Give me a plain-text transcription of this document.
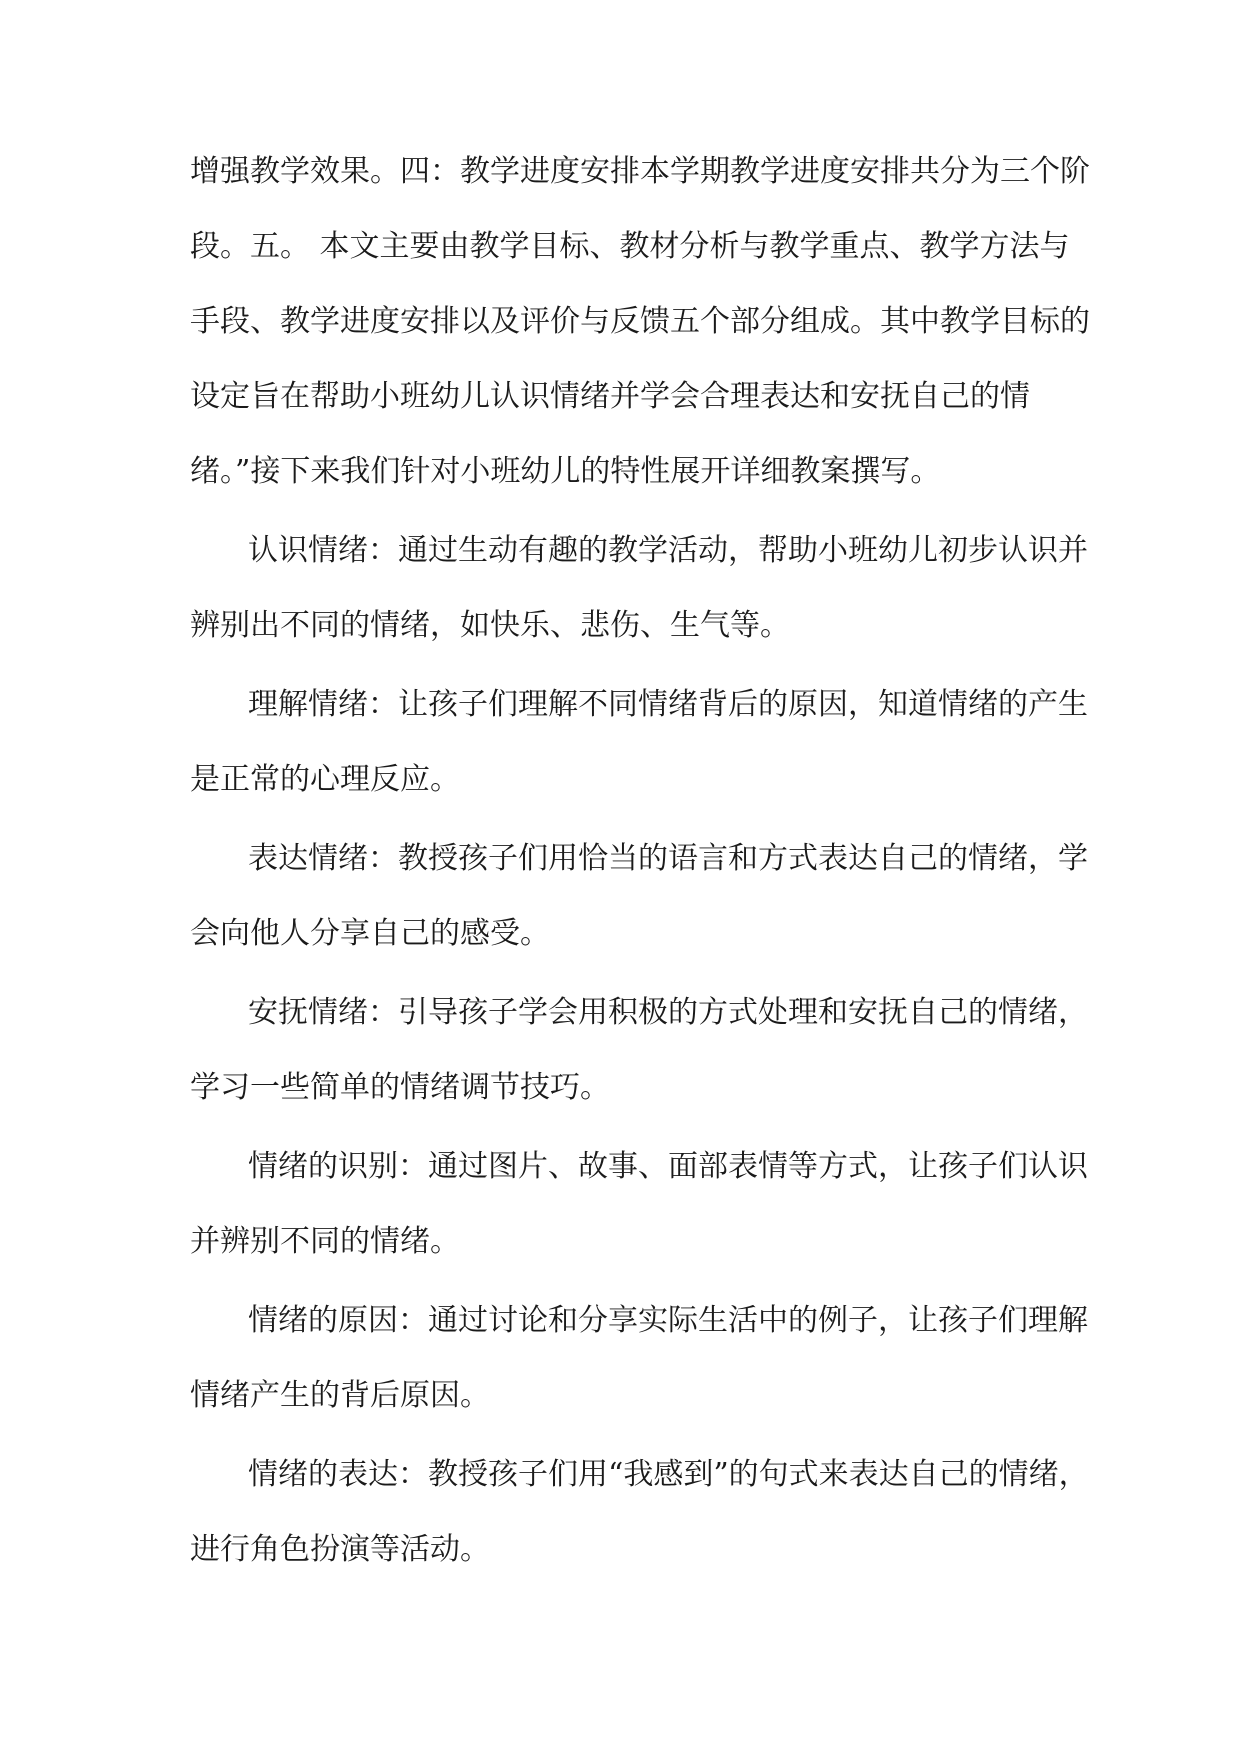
增强教学效果。四：教学进度安排本学期教学进度安排共分为三个阶

段。五。 本文主要由教学目标、教材分析与教学重点、教学方法与

手段、教学进度安排以及评价与反馈五个部分组成。其中教学目标的

设定旨在帮助小班幼儿认识情绪并学会合理表达和安抚自己的情

绪。”接下来我们针对小班幼儿的特性展开详细教案撰写。

认识情绪：通过生动有趣的教学活动，帮助小班幼儿初步认识并

辨别出不同的情绪，如快乐、悲伤、生气等。

理解情绪：让孩子们理解不同情绪背后的原因，知道情绪的产生

是正常的心理反应。

表达情绪：教授孩子们用恰当的语言和方式表达自己的情绪，学

会向他人分享自己的感受。

安抚情绪：引导孩子学会用积极的方式处理和安抚自己的情绪，

学习一些简单的情绪调节技巧。

情绪的识别：通过图片、故事、面部表情等方式，让孩子们认识

并辨别不同的情绪。

情绪的原因：通过讨论和分享实际生活中的例子，让孩子们理解

情绪产生的背后原因。

情绪的表达：教授孩子们用“我感到”的句式来表达自己的情绪，

进行角色扮演等活动。
